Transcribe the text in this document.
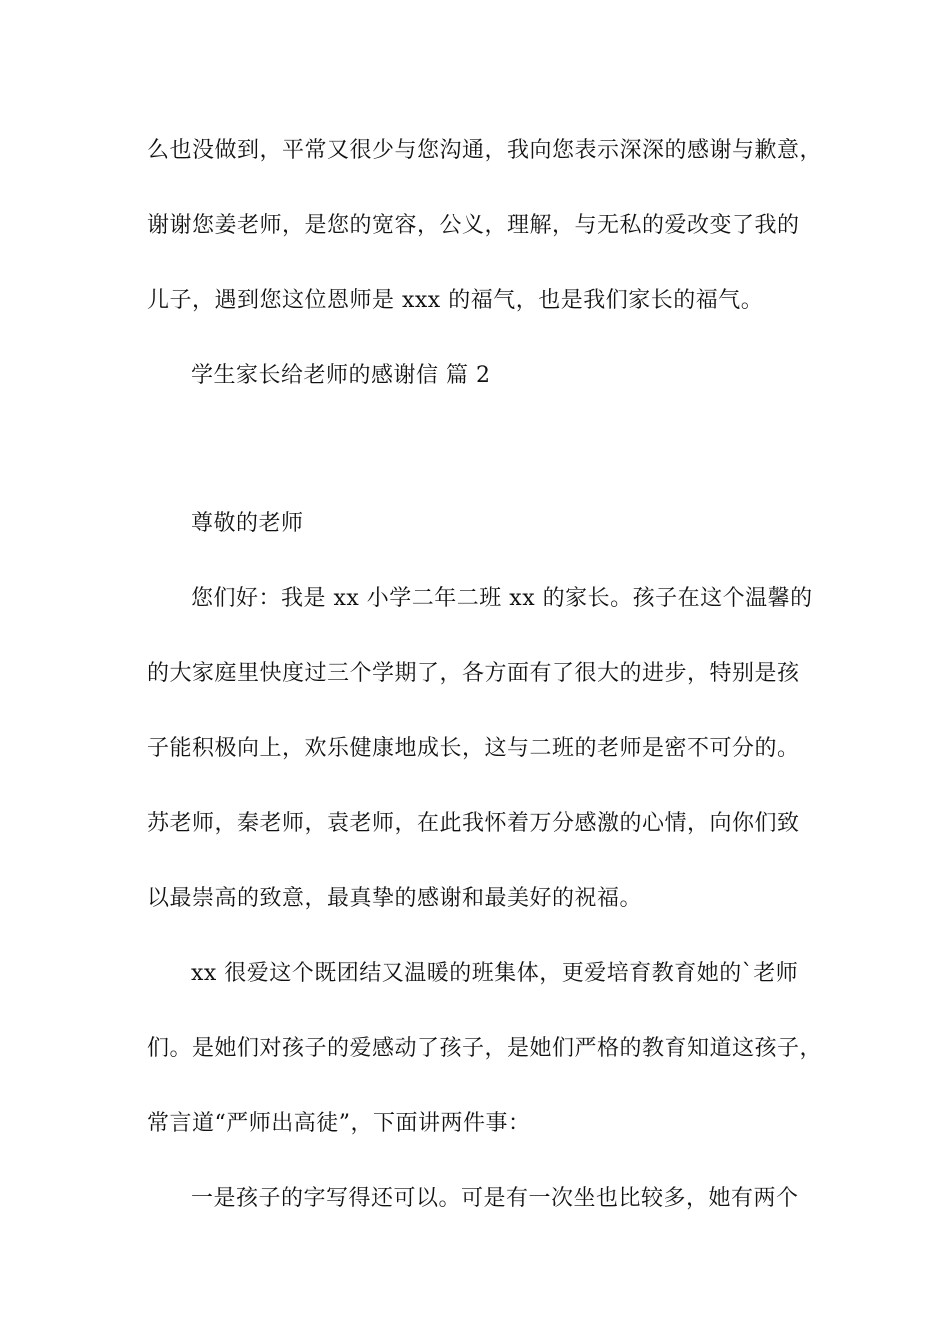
么也没做到，平常又很少与您沟通，我向您表示深深的感谢与歉意，
谢谢您姜老师，是您的宽容，公义，理解，与无私的爱改变了我的
儿子，遇到您这位恩师是 xxx 的福气，也是我们家长的福气。
学生家长给老师的感谢信 篇 2
尊敬的老师
您们好：我是 xx 小学二年二班 xx 的家长。孩子在这个温馨的
的大家庭里快度过三个学期了，各方面有了很大的进步，特别是孩
子能积极向上，欢乐健康地成长，这与二班的老师是密不可分的。
苏老师，秦老师，袁老师，在此我怀着万分感激的心情，向你们致
以最崇高的致意，最真挚的感谢和最美好的祝福。
xx 很爱这个既团结又温暖的班集体，更爱培育教育她的`老师
们。是她们对孩子的爱感动了孩子，是她们严格的教育知道这孩子，
常言道“严师出高徒”，下面讲两件事：
一是孩子的字写得还可以。可是有一次坐也比较多，她有两个
